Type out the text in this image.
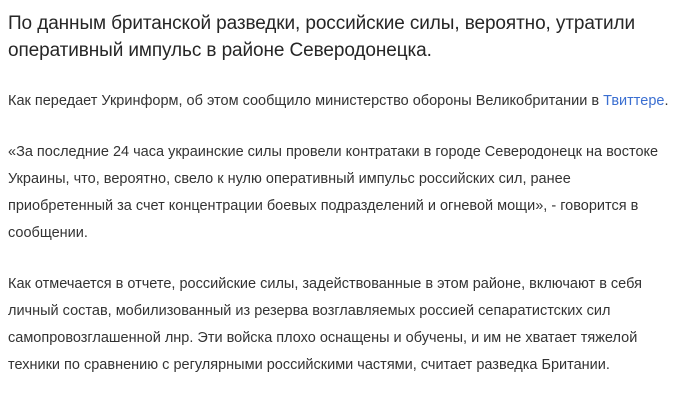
По данным британской разведки, российские силы, вероятно, утратили оперативный импульс в районе Северодонецка.

Как передает Укринформ, об этом сообщило министерство обороны Великобритании в Твиттере.

«За последние 24 часа украинские силы провели контратаки в городе Северодонецк на востоке Украины, что, вероятно, свело к нулю оперативный импульс российских сил, ранее приобретенный за счет концентрации боевых подразделений и огневой мощи», - говорится в сообщении.

Как отмечается в отчете, российские силы, задействованные в этом районе, включают в себя личный состав, мобилизованный из резерва возглавляемых россией сепаратистских сил самопровозглашенной лнр. Эти войска плохо оснащены и обучены, и им не хватает тяжелой техники по сравнению с регулярными российскими частями, считает разведка Британии.
